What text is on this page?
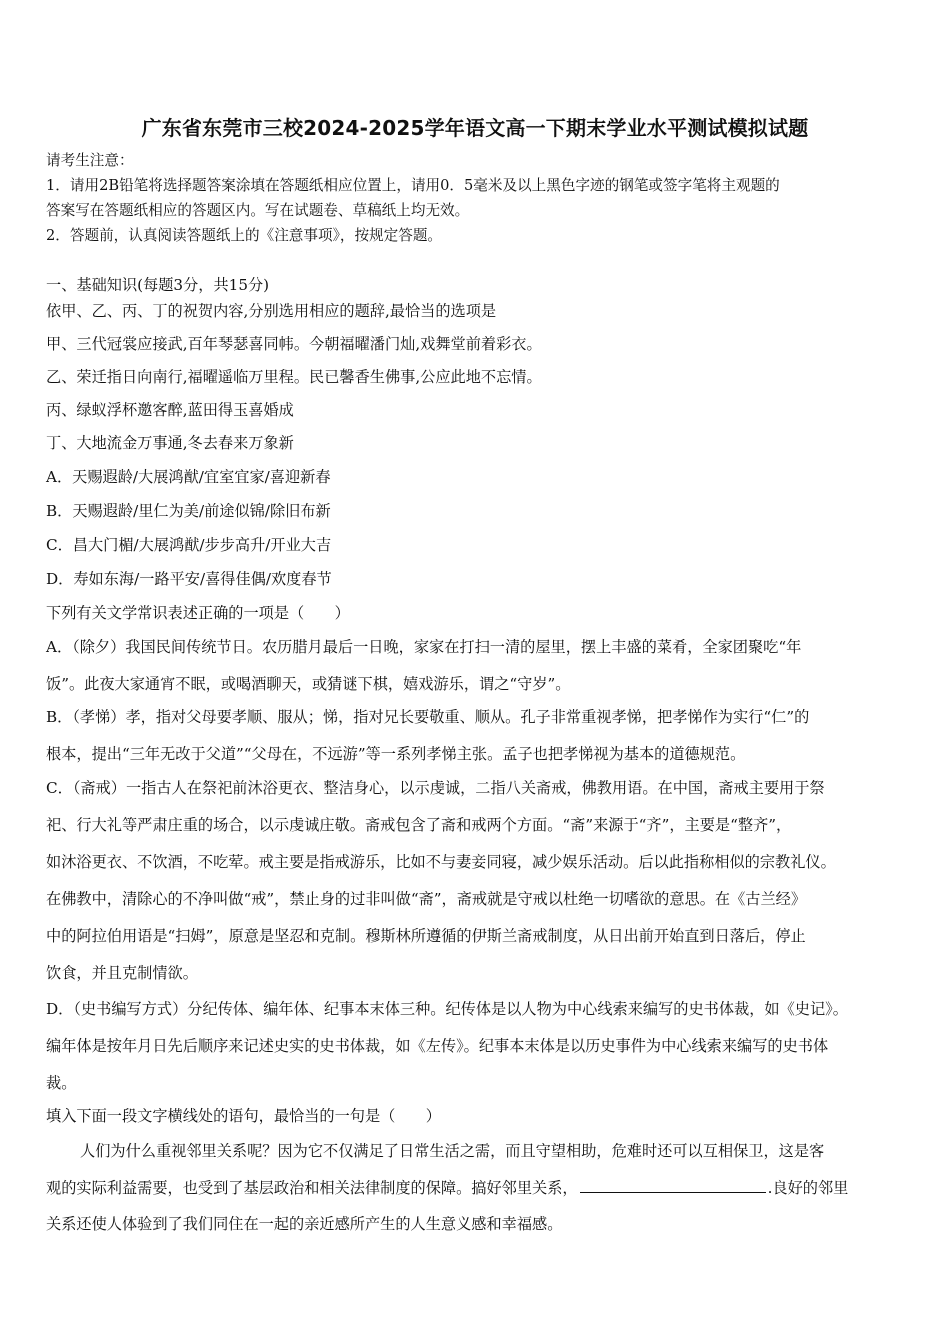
广东省东莞市三校2024-2025学年语文高一下期末学业水平测试模拟试题
请考生注意：
1．请用2B铅笔将选择题答案涂填在答题纸相应位置上，请用0．5毫米及以上黑色字迹的钢笔或签字笔将主观题的
答案写在答题纸相应的答题区内。写在试题卷、草稿纸上均无效。
2．答题前，认真阅读答题纸上的《注意事项》，按规定答题。
一、基础知识(每题3分，共15分)
依甲、乙、丙、丁的祝贺内容,分别选用相应的题辞,最恰当的选项是
甲、三代冠裳应接武,百年琴瑟喜同帏。今朝福曜潘门灿,戏舞堂前着彩衣。
乙、荣迁指日向南行,福曜遥临万里程。民已馨香生佛事,公应此地不忘情。
丙、绿蚁浮杯邀客醉,蓝田得玉喜婚成
丁、大地流金万事通,冬去春来万象新
A．天赐遐龄/大展鸿猷/宜室宜家/喜迎新春
B．天赐遐龄/里仁为美/前途似锦/除旧布新
C．昌大门楣/大展鸿猷/步步高升/开业大吉
D．寿如东海/一路平安/喜得佳偶/欢度春节
下列有关文学常识表述正确的一项是（　　）
A．（除夕）我国民间传统节日。农历腊月最后一日晚，家家在打扫一清的屋里，摆上丰盛的菜肴，全家团聚吃“年
饭”。此夜大家通宵不眠，或喝酒聊天，或猜谜下棋，嬉戏游乐，谓之“守岁”。
B．（孝悌）孝，指对父母要孝顺、服从；悌，指对兄长要敬重、顺从。孔子非常重视孝悌，把孝悌作为实行“仁”的
根本，提出“三年无改于父道”“父母在，不远游”等一系列孝悌主张。孟子也把孝悌视为基本的道德规范。
C．（斋戒）一指古人在祭祀前沐浴更衣、整洁身心，以示虔诚，二指八关斋戒，佛教用语。在中国，斋戒主要用于祭
祀、行大礼等严肃庄重的场合，以示虔诚庄敬。斋戒包含了斋和戒两个方面。“斋”来源于“齐”，主要是“整齐”，
如沐浴更衣、不饮酒，不吃荤。戒主要是指戒游乐，比如不与妻妾同寝，减少娱乐活动。后以此指称相似的宗教礼仪。
在佛教中，清除心的不净叫做“戒”，禁止身的过非叫做“斋”，斋戒就是守戒以杜绝一切嗜欲的意思。在《古兰经》
中的阿拉伯用语是“扫姆”，原意是坚忍和克制。穆斯林所遵循的伊斯兰斋戒制度，从日出前开始直到日落后，停止
饮食，并且克制情欲。
D．（史书编写方式）分纪传体、编年体、纪事本末体三种。纪传体是以人物为中心线索来编写的史书体裁，如《史记》。
编年体是按年月日先后顺序来记述史实的史书体裁，如《左传》。纪事本末体是以历史事件为中心线索来编写的史书体
裁。
填入下面一段文字横线处的语句，最恰当的一句是（　　）
人们为什么重视邻里关系呢？因为它不仅满足了日常生活之需，而且守望相助，危难时还可以互相保卫，这是客
观的实际利益需要，也受到了基层政治和相关法律制度的保障。搞好邻里关系，	.良好的邻里
关系还使人体验到了我们同住在一起的亲近感所产生的人生意义感和幸福感。
